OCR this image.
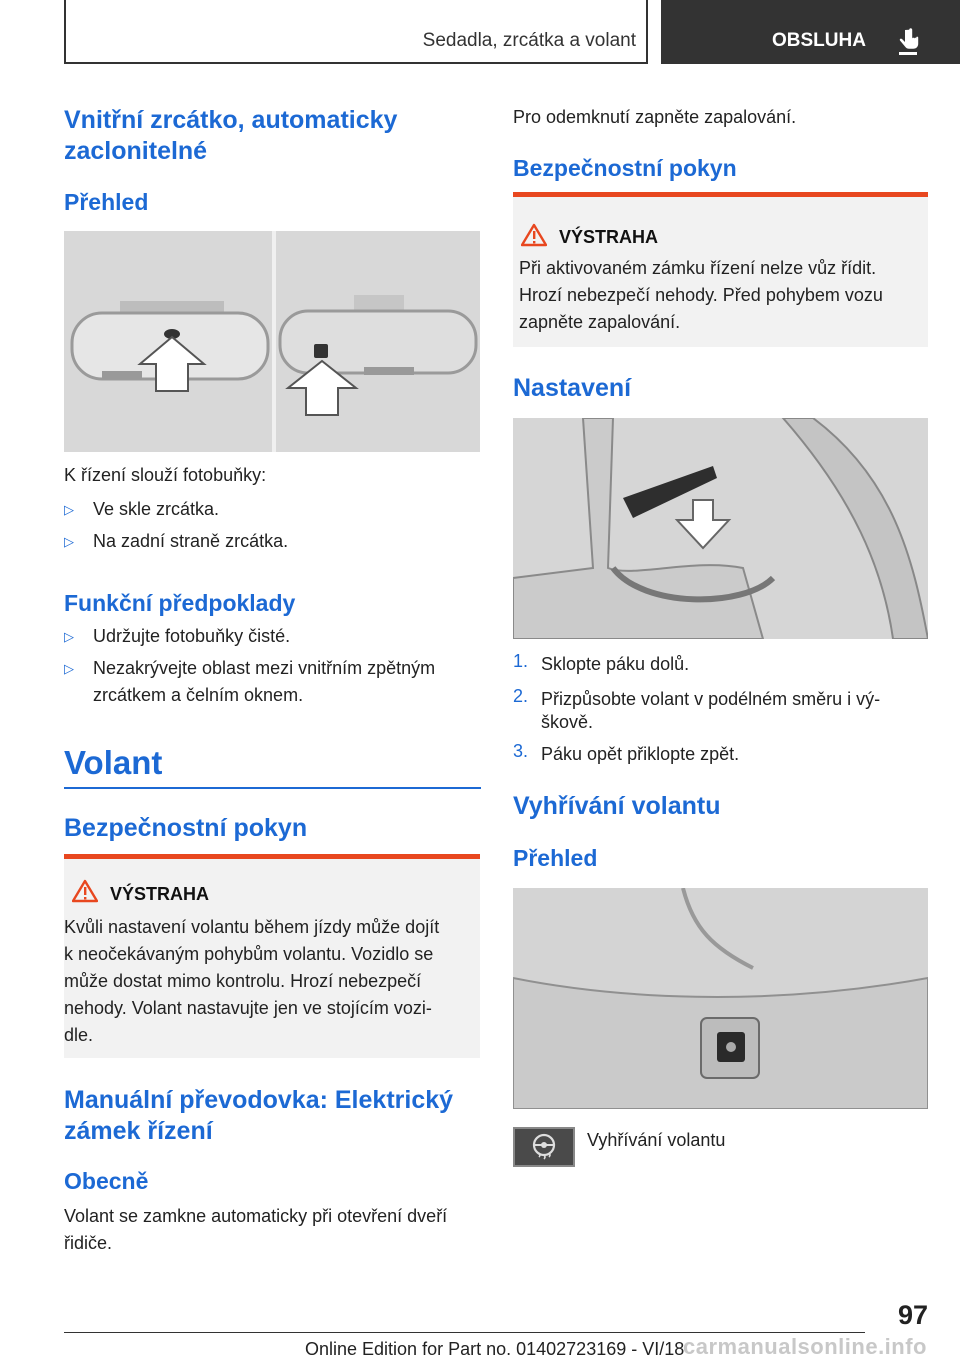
Sedadla, zrcátka a volant	OBSLUHA
Vnitřní zrcátko, automaticky
zaclonitelné
Přehled
K řízení slouží fotobuňky:
▷ Ve skle zrcátka.
▷ Na zadní straně zrcátka.
Funkční předpoklady
▷ Udržujte fotobuňky čisté.
▷ Nezakrývejte oblast mezi vnitřním zpětným
zrcátkem a čelním oknem.
Volant
Bezpečnostní pokyn
VÝSTRAHA
Kvůli nastavení volantu během jízdy může dojít
k neočekávaným pohybům volantu. Vozidlo se
může dostat mimo kontrolu. Hrozí nebezpečí
nehody. Volant nastavujte jen ve stojícím vozi-
dle.
Manuální převodovka: Elektrický
zámek řízení
Obecně
Volant se zamkne automaticky při otevření dveří
řidiče.
Pro odemknutí zapněte zapalování.
Bezpečnostní pokyn
VÝSTRAHA
Při aktivovaném zámku řízení nelze vůz řídit.
Hrozí nebezpečí nehody. Před pohybem vozu
zapněte zapalování.
Nastavení
1. Sklopte páku dolů.
2. Přizpůsobte volant v podélném směru i vý-
škově.
3. Páku opět přiklopte zpět.
Vyhřívání volantu
Přehled
Vyhřívání volantu
97
Online Edition for Part no. 01402723169 - VI/18
carmanualsonline.info
